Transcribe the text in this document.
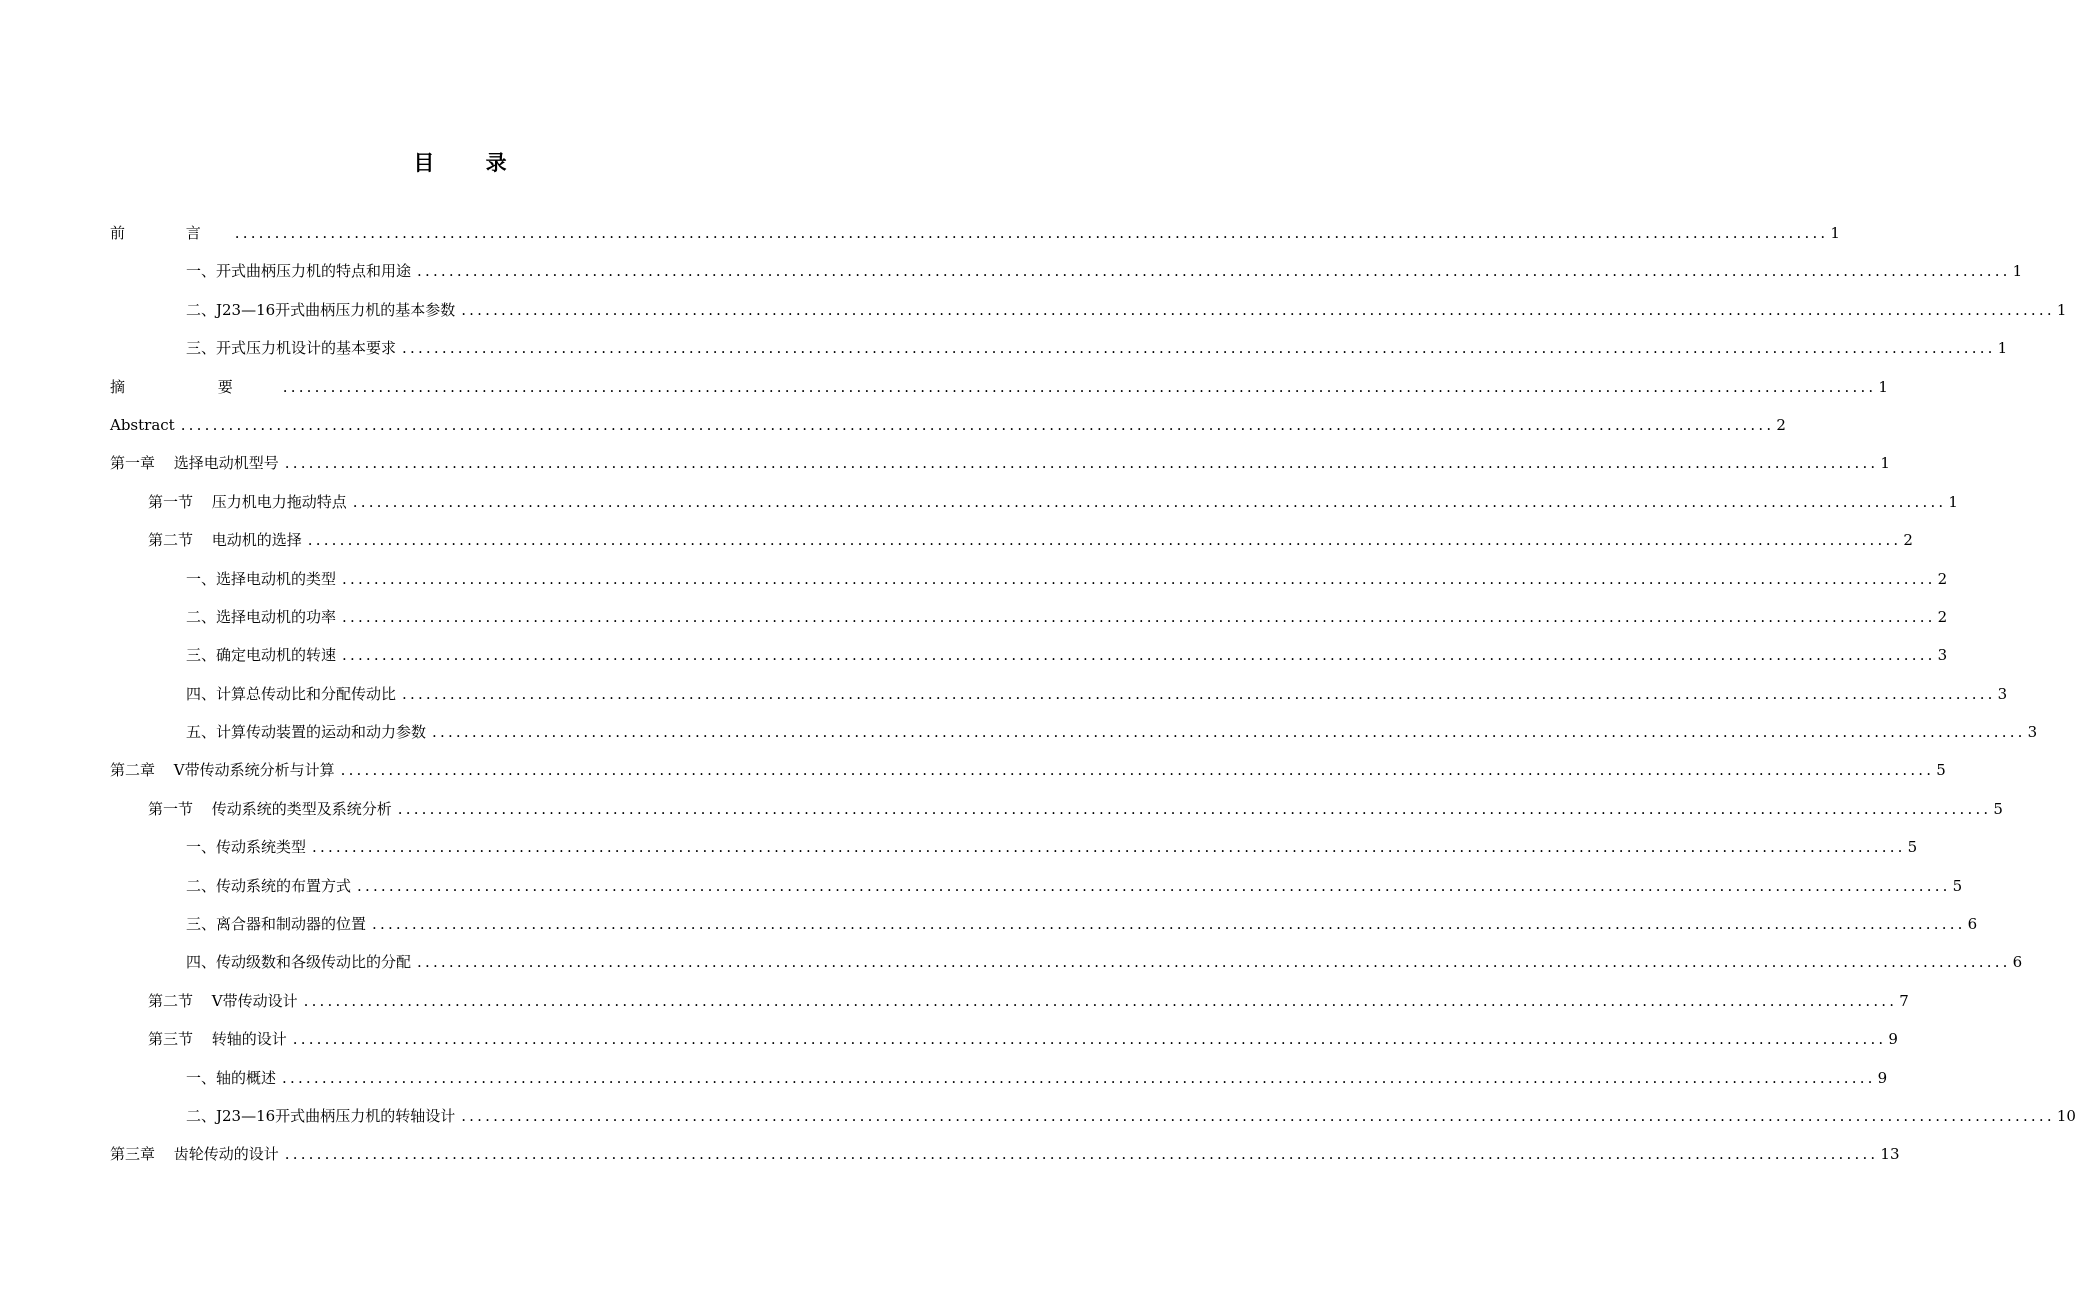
目 录
前 言 ........................................................................................................................................................................................................ 1
一、开式曲柄压力机的特点和用途 ........................................................................................................................................................................................................ 1
二、J23—16开式曲柄压力机的基本参数 ........................................................................................................................................................................................................ 1
三、开式压力机设计的基本要求 ........................................................................................................................................................................................................ 1
摘 要 ........................................................................................................................................................................................................ 1
Abstract ........................................................................................................................................................................................................ 2
第一章 选择电动机型号 ........................................................................................................................................................................................................ 1
第一节 压力机电力拖动特点 ........................................................................................................................................................................................................ 1
第二节 电动机的选择 ........................................................................................................................................................................................................ 2
一、选择电动机的类型 ........................................................................................................................................................................................................ 2
二、选择电动机的功率 ........................................................................................................................................................................................................ 2
三、确定电动机的转速 ........................................................................................................................................................................................................ 3
四、计算总传动比和分配传动比 ........................................................................................................................................................................................................ 3
五、计算传动装置的运动和动力参数 ........................................................................................................................................................................................................ 3
第二章 V带传动系统分析与计算 ........................................................................................................................................................................................................ 5
第一节 传动系统的类型及系统分析 ........................................................................................................................................................................................................ 5
一、传动系统类型 ........................................................................................................................................................................................................ 5
二、传动系统的布置方式 ........................................................................................................................................................................................................ 5
三、离合器和制动器的位置 ........................................................................................................................................................................................................ 6
四、传动级数和各级传动比的分配 ........................................................................................................................................................................................................ 6
第二节 V带传动设计 ........................................................................................................................................................................................................ 7
第三节 转轴的设计 ........................................................................................................................................................................................................ 9
一、轴的概述 ........................................................................................................................................................................................................ 9
二、J23—16开式曲柄压力机的转轴设计 ........................................................................................................................................................................................................ 10
第三章 齿轮传动的设计 ........................................................................................................................................................................................................ 13
